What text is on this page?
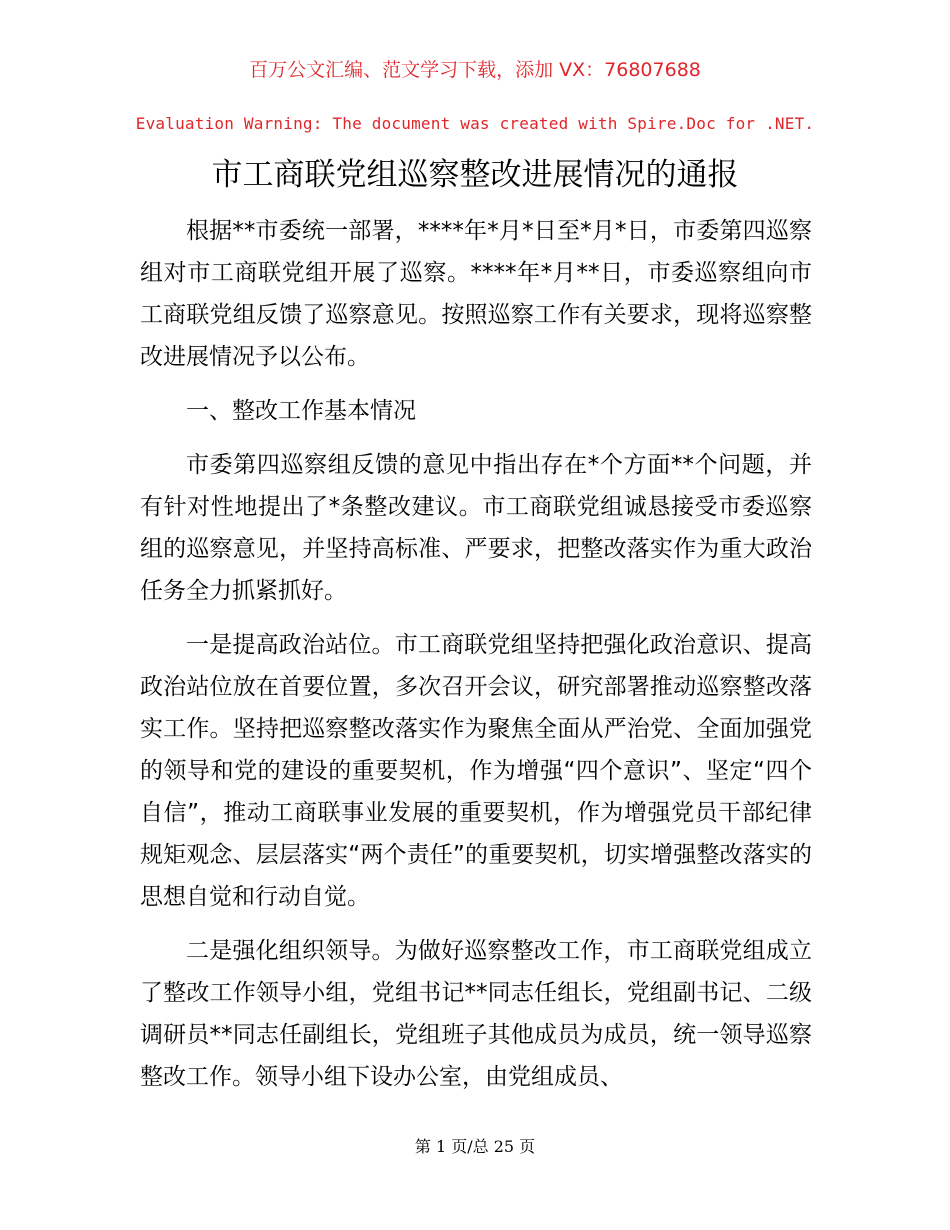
百万公文汇编、范文学习下载，添加 VX：76807688
Evaluation Warning: The document was created with Spire.Doc for .NET.
市工商联党组巡察整改进展情况的通报

根据**市委统一部署，****年*月*日至*月*日，市委第四巡察组对市工商联党组开展了巡察。****年*月**日，市委巡察组向市工商联党组反馈了巡察意见。按照巡察工作有关要求，现将巡察整改进展情况予以公布。

一、整改工作基本情况

市委第四巡察组反馈的意见中指出存在*个方面**个问题，并有针对性地提出了*条整改建议。市工商联党组诚恳接受市委巡察组的巡察意见，并坚持高标准、严要求，把整改落实作为重大政治任务全力抓紧抓好。

一是提高政治站位。市工商联党组坚持把强化政治意识、提高政治站位放在首要位置，多次召开会议，研究部署推动巡察整改落实工作。坚持把巡察整改落实作为聚焦全面从严治党、全面加强党的领导和党的建设的重要契机，作为增强“四个意识”、坚定“四个自信”，推动工商联事业发展的重要契机，作为增强党员干部纪律规矩观念、层层落实“两个责任”的重要契机，切实增强整改落实的思想自觉和行动自觉。

二是强化组织领导。为做好巡察整改工作，市工商联党组成立了整改工作领导小组，党组书记**同志任组长，党组副书记、二级调研员**同志任副组长，党组班子其他成员为成员，统一领导巡察整改工作。领导小组下设办公室，由党组成员、

第 1 页/总 25 页
